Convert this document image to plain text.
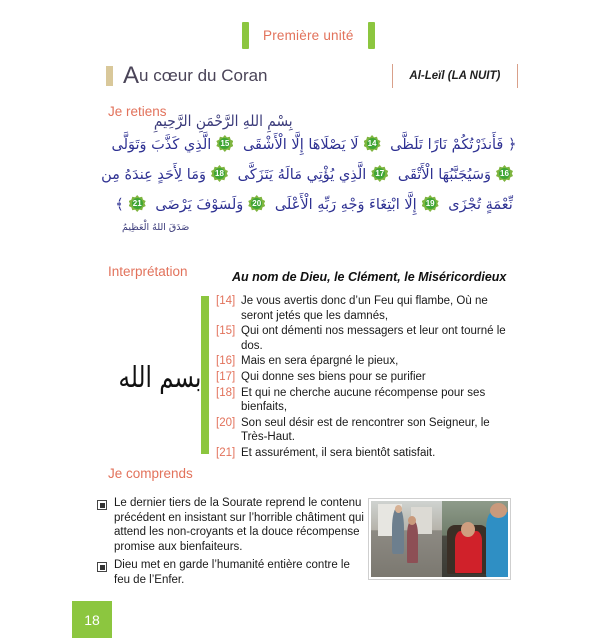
Première unité
Au cœur du Coran	Al-Leïl (LA NUIT)
Je retiens
بِسْمِ اللهِ الرَّحْمَنِ الرَّحِيمِ
﴿ فَأَنذَرْتُكُمْ نَارًا تَلَظَّى
14
لَا يَصْلَاهَا إِلَّا الْأَشْقَى
15
الَّذِي كَذَّبَ وَتَوَلَّى
16
وَسَيُجَنَّبُهَا الْأَتْقَى
17
الَّذِي يُؤْتِي مَالَهُ يَتَزَكَّى
18
وَمَا لِأَحَدٍ عِندَهُ مِن
نِّعْمَةٍ تُجْزَى
19
إِلَّا ابْتِغَاءَ وَجْهِ رَبِّهِ الْأَعْلَى
20
وَلَسَوْفَ يَرْضَى
21
﴾
صَدَقَ اللهُ الْعَظِيمُ
Interprétation	Au nom de Dieu, le Clément, le Miséricordieux
بسم الله
[14] Je vous avertis donc d’un Feu qui flambe, Où ne seront jetés que les damnés,
[15] Qui ont démenti nos messagers et leur ont tourné le dos.
[16] Mais en sera épargné le pieux,
[17] Qui donne ses biens pour se purifier
[18] Et qui ne cherche aucune récompense pour ses bienfaits,
[20] Son seul désir est de rencontrer son Seigneur, le Très-Haut.
[21] Et assurément, il sera bientôt satisfait.
Je comprends
Le dernier tiers de la Sourate reprend le contenu précédent en insistant sur l’horrible châtiment qui attend les non-croyants et la douce récompense promise aux bienfaiteurs.
Dieu met en garde l’humanité entière contre le feu de l’Enfer.
18
